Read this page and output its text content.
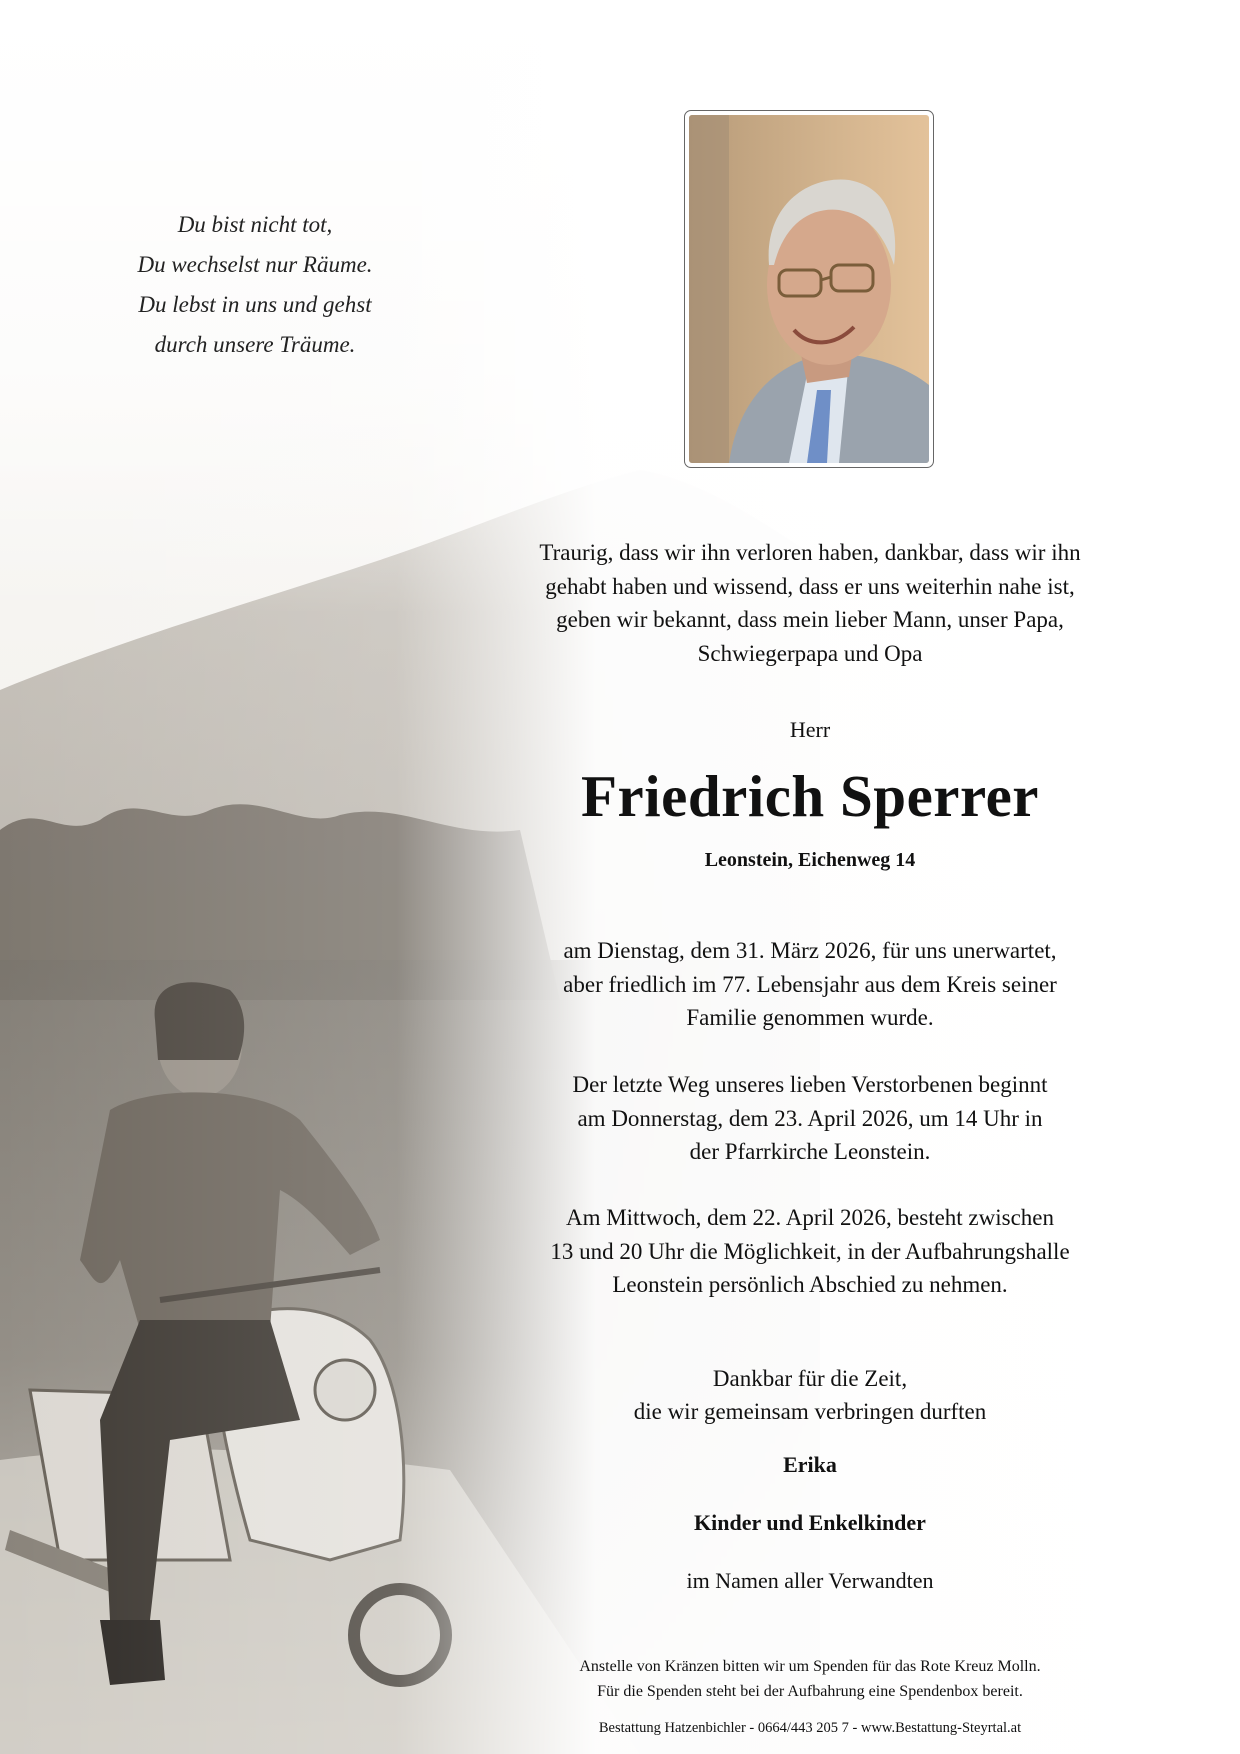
Du bist nicht tot,
Du wechselst nur Räume.
Du lebst in uns und gehst
durch unsere Träume.
Traurig, dass wir ihn verloren haben, dankbar, dass wir ihn
gehabt haben und wissend, dass er uns weiterhin nahe ist,
geben wir bekannt, dass mein lieber Mann, unser Papa,
Schwiegerpapa und Opa
Herr
Friedrich Sperrer
Leonstein, Eichenweg 14
am Dienstag, dem 31. März 2026, für uns unerwartet,
aber friedlich im 77. Lebensjahr aus dem Kreis seiner
Familie genommen wurde.
Der letzte Weg unseres lieben Verstorbenen beginnt
am Donnerstag, dem 23. April 2026, um 14 Uhr in
der Pfarrkirche Leonstein.
Am Mittwoch, dem 22. April 2026, besteht zwischen
13 und 20 Uhr die Möglichkeit, in der Aufbahrungshalle
Leonstein persönlich Abschied zu nehmen.
Dankbar für die Zeit,
die wir gemeinsam verbringen durften
Erika
Kinder und Enkelkinder
im Namen aller Verwandten
Anstelle von Kränzen bitten wir um Spenden für das Rote Kreuz Molln.
Für die Spenden steht bei der Aufbahrung eine Spendenbox bereit.
Bestattung Hatzenbichler - 0664/443 205 7 - www.Bestattung-Steyrtal.at
